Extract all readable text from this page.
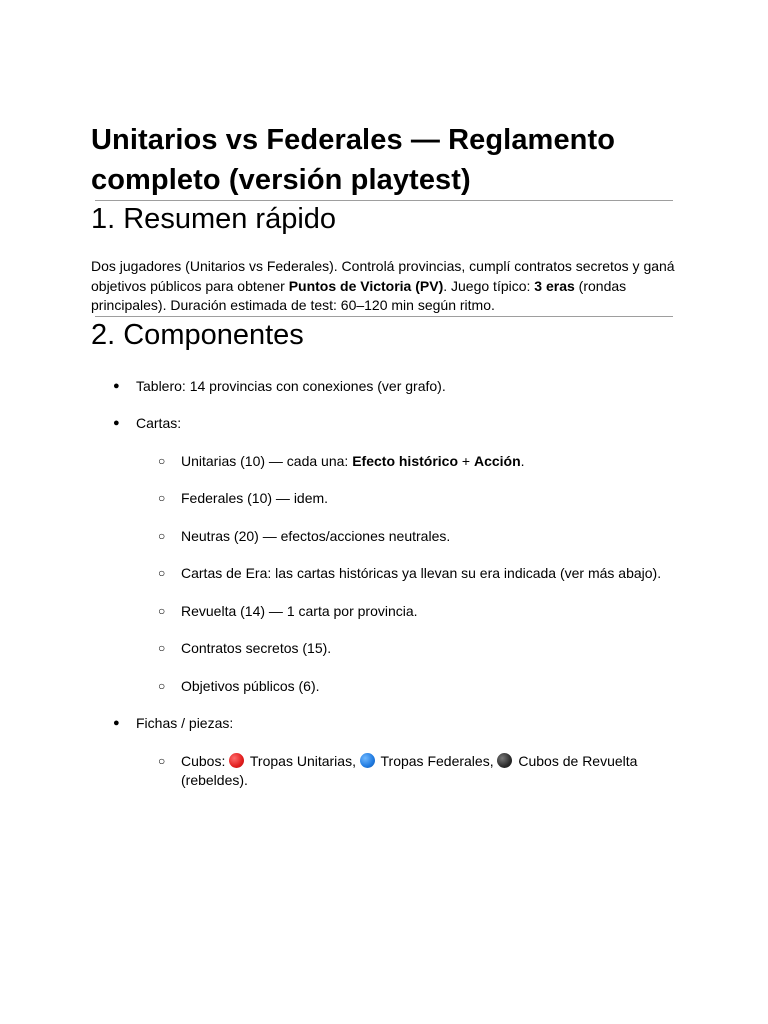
Unitarios vs Federales — Reglamento completo (versión playtest)
1. Resumen rápido

Dos jugadores (Unitarios vs Federales). Controlá provincias, cumplí contratos secretos y ganá objetivos públicos para obtener Puntos de Victoria (PV). Juego típico: 3 eras (rondas principales). Duración estimada de test: 60–120 min según ritmo.

2. Componentes
● Tablero: 14 provincias con conexiones (ver grafo).
● Cartas:
○ Unitarias (10) — cada una: Efecto histórico + Acción.
○ Federales (10) — idem.
○ Neutras (20) — efectos/acciones neutrales.
○ Cartas de Era: las cartas históricas ya llevan su era indicada (ver más abajo).
○ Revuelta (14) — 1 carta por provincia.
○ Contratos secretos (15).
○ Objetivos públicos (6).
● Fichas / piezas:
○ Cubos:  Tropas Unitarias,  Tropas Federales,  Cubos de Revuelta (rebeldes).
